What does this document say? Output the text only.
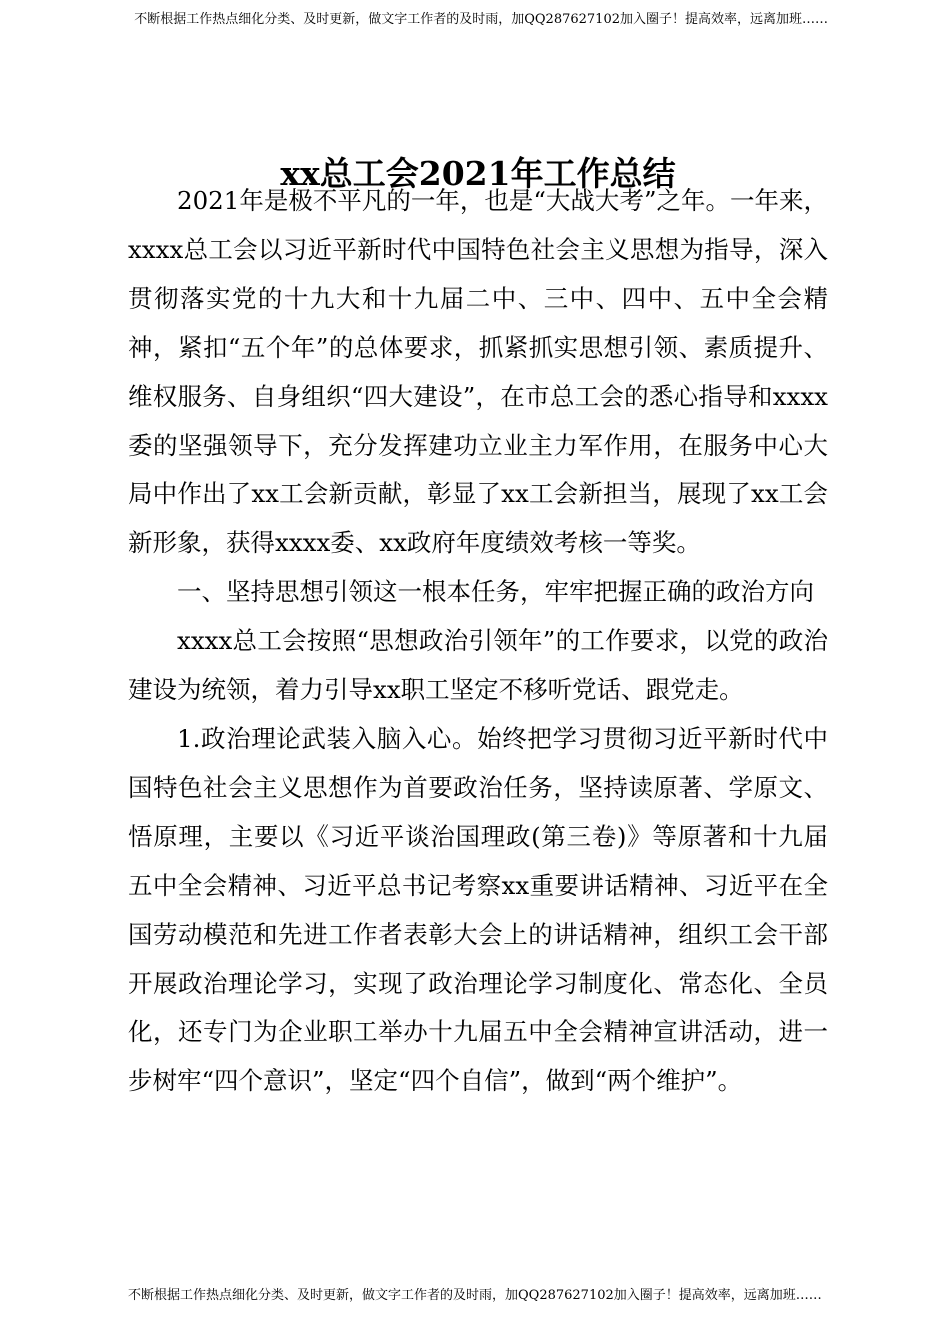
不断根据工作热点细化分类、及时更新，做文字工作者的及时雨，加QQ287627102加入圈子！提高效率，远离加班……
xx总工会2021年工作总结

2021年是极不平凡的一年，也是“大战大考”之年。一年来，xxxx总工会以习近平新时代中国特色社会主义思想为指导，深入贯彻落实党的十九大和十九届二中、三中、四中、五中全会精神，紧扣“五个年”的总体要求，抓紧抓实思想引领、素质提升、维权服务、自身组织“四大建设”，在市总工会的悉心指导和xxxx委的坚强领导下，充分发挥建功立业主力军作用，在服务中心大局中作出了xx工会新贡献，彰显了xx工会新担当，展现了xx工会新形象，获得xxxx委、xx政府年度绩效考核一等奖。

一、坚持思想引领这一根本任务，牢牢把握正确的政治方向

xxxx总工会按照“思想政治引领年”的工作要求，以党的政治建设为统领，着力引导xx职工坚定不移听党话、跟党走。

1.政治理论武装入脑入心。始终把学习贯彻习近平新时代中国特色社会主义思想作为首要政治任务，坚持读原著、学原文、悟原理，主要以《习近平谈治国理政(第三卷)》等原著和十九届五中全会精神、习近平总书记考察xx重要讲话精神、习近平在全国劳动模范和先进工作者表彰大会上的讲话精神，组织工会干部开展政治理论学习，实现了政治理论学习制度化、常态化、全员化，还专门为企业职工举办十九届五中全会精神宣讲活动，进一步树牢“四个意识”，坚定“四个自信”，做到“两个维护”。

不断根据工作热点细化分类、及时更新，做文字工作者的及时雨，加QQ287627102加入圈子！提高效率，远离加班……
